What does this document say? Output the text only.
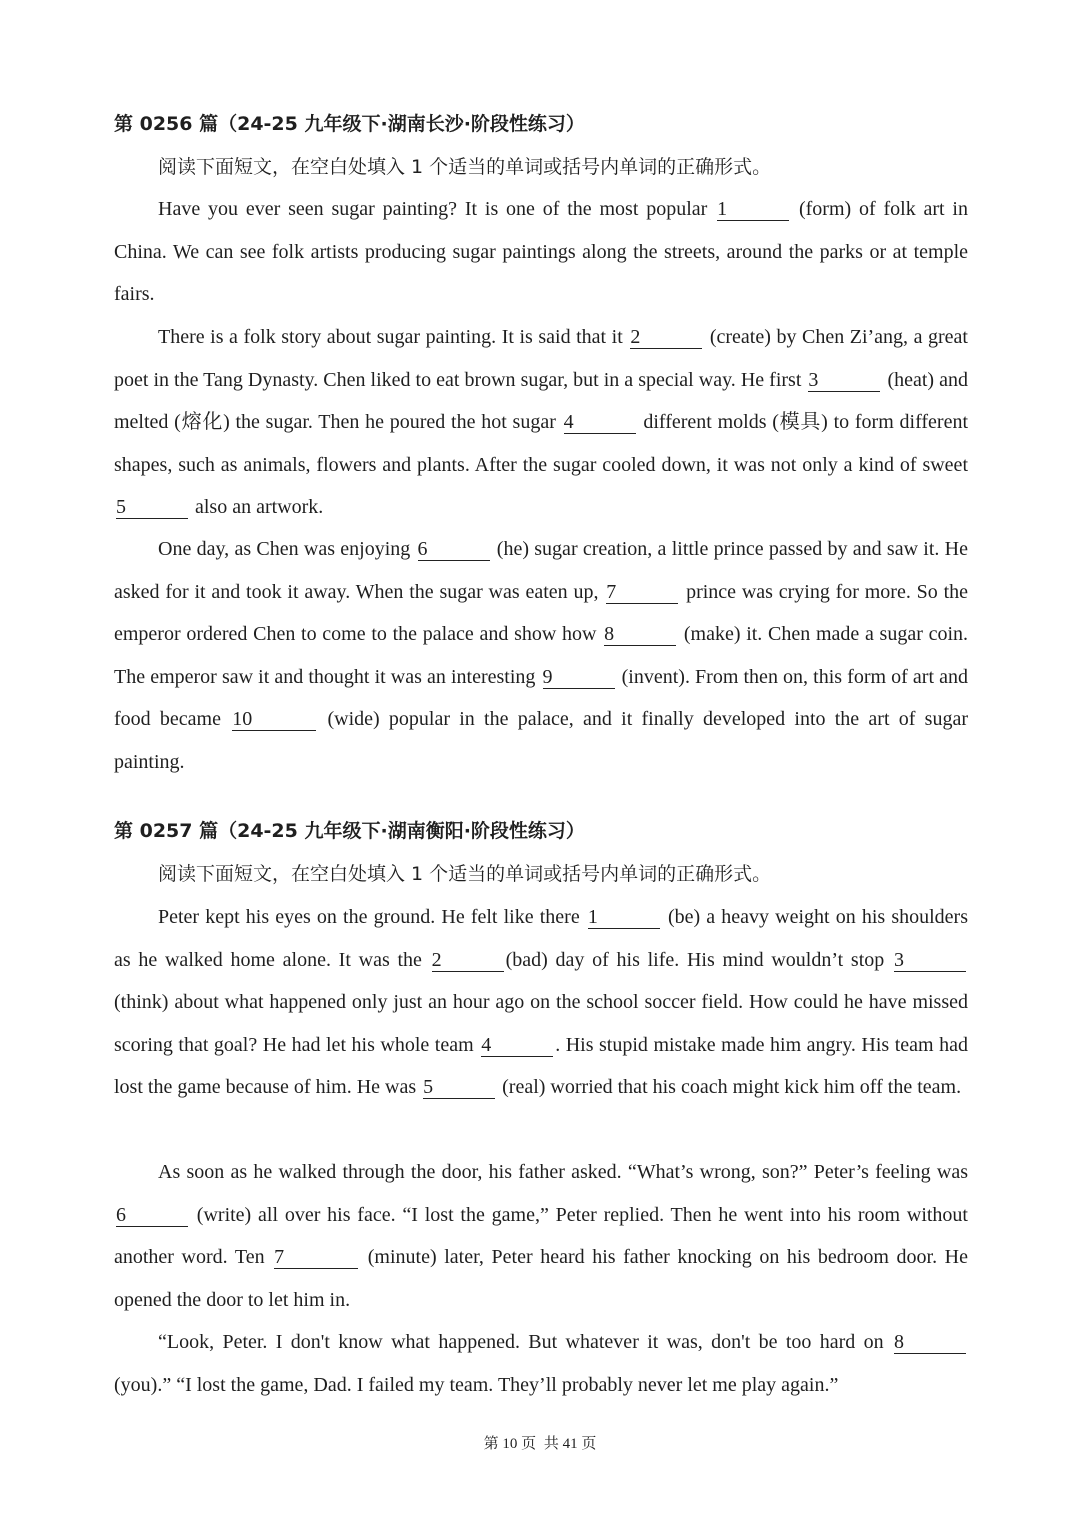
第 0256 篇（24-25 九年级下·湖南长沙·阶段性练习）
阅读下面短文，在空白处填入 1 个适当的单词或括号内单词的正确形式。
Have you ever seen sugar painting? It is one of the most popular 1	(form) of folk art in China. We can see folk artists producing sugar paintings along the streets, around the parks or at temple fairs.
There is a folk story about sugar painting. It is said that it 2	(create) by Chen Zi’ang, a great poet in the Tang Dynasty. Chen liked to eat brown sugar, but in a special way. He first 3	(heat) and melted (熔化) the sugar. Then he poured the hot sugar 4	different molds (模具) to form different shapes, such as animals, flowers and plants. After the sugar cooled down, it was not only a kind of sweet 5	also an artwork.
One day, as Chen was enjoying 6	(he) sugar creation, a little prince passed by and saw it. He asked for it and took it away. When the sugar was eaten up, 7	prince was crying for more. So the emperor ordered Chen to come to the palace and show how 8	(make) it. Chen made a sugar coin. The emperor saw it and thought it was an interesting 9	(invent). From then on, this form of art and food became 10	(wide) popular in the palace, and it finally developed into the art of sugar painting.
第 0257 篇（24-25 九年级下·湖南衡阳·阶段性练习）
阅读下面短文，在空白处填入 1 个适当的单词或括号内单词的正确形式。
Peter kept his eyes on the ground. He felt like there 1	(be) a heavy weight on his shoulders as he walked home alone. It was the 2	(bad) day of his life. His mind wouldn’t stop 3 (think) about what happened only just an hour ago on the school soccer field. How could he have missed scoring that goal? He had let his whole team 4	. His stupid mistake made him angry. His team had lost the game because of him. He was 5	(real) worried that his coach might kick him off the team.
As soon as he walked through the door, his father asked. “What’s wrong, son?” Peter’s feeling was 6	(write) all over his face. “I lost the game,” Peter replied. Then he went into his room without another word. Ten 7	(minute) later, Peter heard his father knocking on his bedroom door. He opened the door to let him in.
“Look, Peter. I don't know what happened. But whatever it was, don't be too hard on 8 (you).” “I lost the game, Dad. I failed my team. They’ll probably never let me play again.”
第 10 页 共 41 页
